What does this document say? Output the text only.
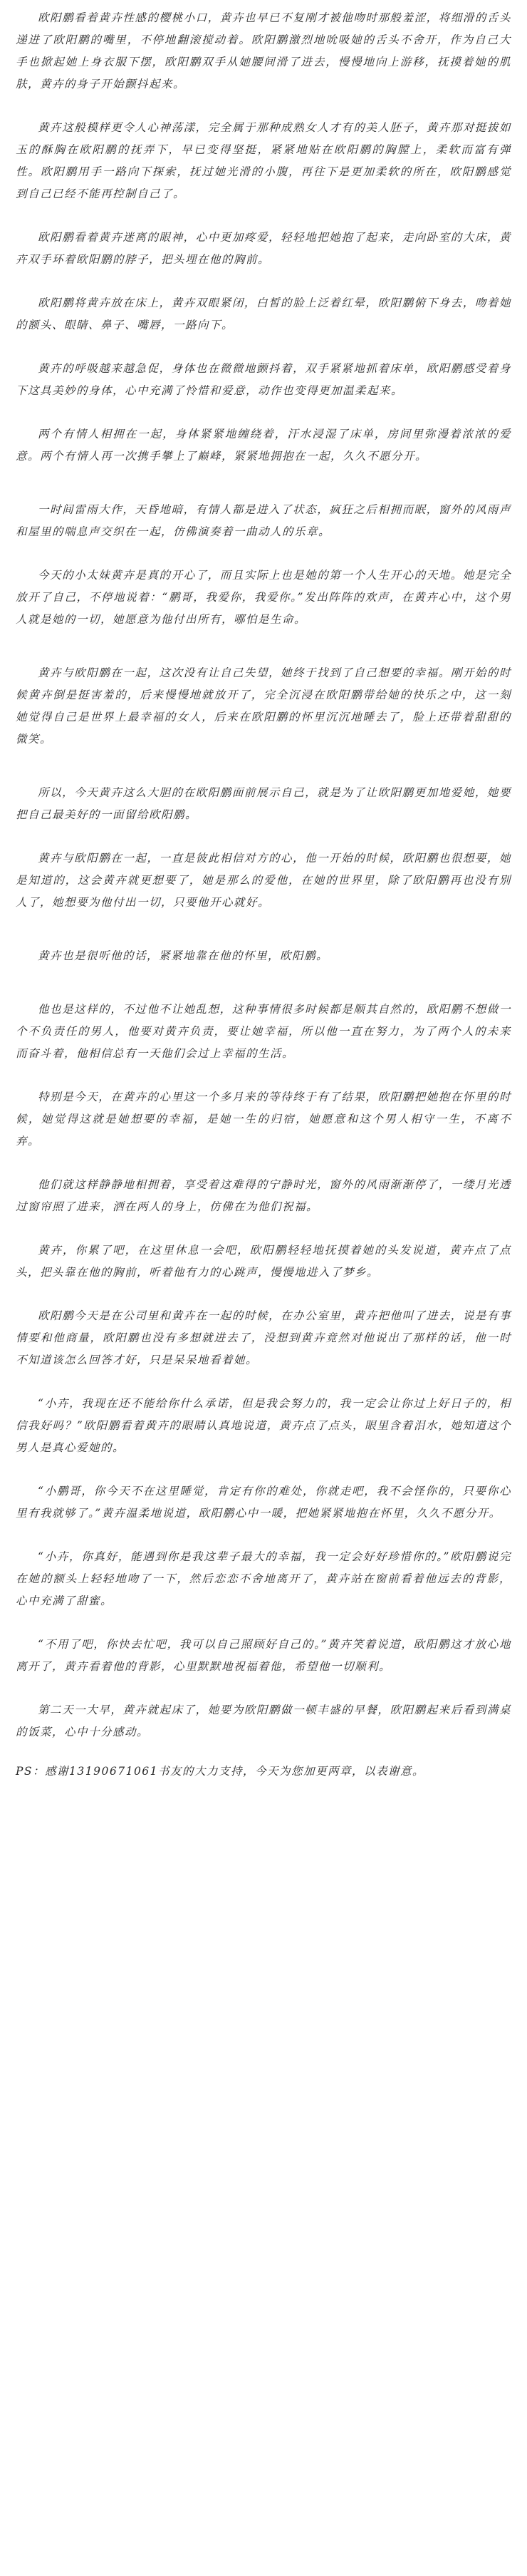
欧阳鹏看着黄卉性感的樱桃小口，黄卉也早已不复刚才被他吻时那般羞涩，将细滑的舌头递进了欧阳鹏的嘴里，不停地翻滚搅动着。欧阳鹏激烈地吮吸她的舌头不舍开，作为自己大手也掀起她上身衣服下摆，欧阳鹏双手从她腰间滑了进去，慢慢地向上游移，抚摸着她的肌肤，黄卉的身子开始颤抖起来。

黄卉这般模样更令人心神荡漾，完全属于那种成熟女人才有的美人胚子，黄卉那对挺拔如玉的酥胸在欧阳鹏的抚弄下，早已变得坚挺，紧紧地贴在欧阳鹏的胸膛上，柔软而富有弹性。欧阳鹏用手一路向下探索，抚过她光滑的小腹，再往下是更加柔软的所在，欧阳鹏感觉到自己已经不能再控制自己了。

欧阳鹏看着黄卉迷离的眼神，心中更加疼爱，轻轻地把她抱了起来，走向卧室的大床，黄卉双手环着欧阳鹏的脖子，把头埋在他的胸前。

欧阳鹏将黄卉放在床上，黄卉双眼紧闭，白皙的脸上泛着红晕，欧阳鹏俯下身去，吻着她的额头、眼睛、鼻子、嘴唇，一路向下。

黄卉的呼吸越来越急促，身体也在微微地颤抖着，双手紧紧地抓着床单，欧阳鹏感受着身下这具美妙的身体，心中充满了怜惜和爱意，动作也变得更加温柔起来。

两个有情人相拥在一起，身体紧紧地缠绕着，汗水浸湿了床单，房间里弥漫着浓浓的爱意。两个有情人再一次携手攀上了巅峰，紧紧地拥抱在一起，久久不愿分开。

一时间雷雨大作，天昏地暗，有情人都是进入了状态，疯狂之后相拥而眠，窗外的风雨声和屋里的喘息声交织在一起，仿佛演奏着一曲动人的乐章。

今天的小太妹黄卉是真的开心了，而且实际上也是她的第一个人生开心的天地。她是完全放开了自己，不停地说着：“鹏哥，我爱你，我爱你。”发出阵阵的欢声，在黄卉心中，这个男人就是她的一切，她愿意为他付出所有，哪怕是生命。

黄卉与欧阳鹏在一起，这次没有让自己失望，她终于找到了自己想要的幸福。刚开始的时候黄卉倒是挺害羞的，后来慢慢地就放开了，完全沉浸在欧阳鹏带给她的快乐之中，这一刻她觉得自己是世界上最幸福的女人，后来在欧阳鹏的怀里沉沉地睡去了，脸上还带着甜甜的微笑。

所以，今天黄卉这么大胆的在欧阳鹏面前展示自己，就是为了让欧阳鹏更加地爱她，她要把自己最美好的一面留给欧阳鹏。

黄卉与欧阳鹏在一起，一直是彼此相信对方的心，他一开始的时候，欧阳鹏也很想要，她是知道的，这会黄卉就更想要了，她是那么的爱他，在她的世界里，除了欧阳鹏再也没有别人了，她想要为他付出一切，只要他开心就好。

黄卉也是很听他的话，紧紧地靠在他的怀里，欧阳鹏。

他也是这样的，不过他不让她乱想，这种事情很多时候都是顺其自然的，欧阳鹏不想做一个不负责任的男人，他要对黄卉负责，要让她幸福，所以他一直在努力，为了两个人的未来而奋斗着，他相信总有一天他们会过上幸福的生活。

特别是今天，在黄卉的心里这一个多月来的等待终于有了结果，欧阳鹏把她抱在怀里的时候，她觉得这就是她想要的幸福，是她一生的归宿，她愿意和这个男人相守一生，不离不弃。

他们就这样静静地相拥着，享受着这难得的宁静时光，窗外的风雨渐渐停了，一缕月光透过窗帘照了进来，洒在两人的身上，仿佛在为他们祝福。

黄卉，你累了吧，在这里休息一会吧，欧阳鹏轻轻地抚摸着她的头发说道，黄卉点了点头，把头靠在他的胸前，听着他有力的心跳声，慢慢地进入了梦乡。

欧阳鹏今天是在公司里和黄卉在一起的时候，在办公室里，黄卉把他叫了进去，说是有事情要和他商量，欧阳鹏也没有多想就进去了，没想到黄卉竟然对他说出了那样的话，他一时不知道该怎么回答才好，只是呆呆地看着她。

“小卉，我现在还不能给你什么承诺，但是我会努力的，我一定会让你过上好日子的，相信我好吗？”欧阳鹏看着黄卉的眼睛认真地说道，黄卉点了点头，眼里含着泪水，她知道这个男人是真心爱她的。

“小鹏哥，你今天不在这里睡觉，肯定有你的难处，你就走吧，我不会怪你的，只要你心里有我就够了。”黄卉温柔地说道，欧阳鹏心中一暖，把她紧紧地抱在怀里，久久不愿分开。

“小卉，你真好，能遇到你是我这辈子最大的幸福，我一定会好好珍惜你的。”欧阳鹏说完在她的额头上轻轻地吻了一下，然后恋恋不舍地离开了，黄卉站在窗前看着他远去的背影，心中充满了甜蜜。

“不用了吧，你快去忙吧，我可以自己照顾好自己的。”黄卉笑着说道，欧阳鹏这才放心地离开了，黄卉看着他的背影，心里默默地祝福着他，希望他一切顺利。

第二天一大早，黄卉就起床了，她要为欧阳鹏做一顿丰盛的早餐，欧阳鹏起来后看到满桌的饭菜，心中十分感动。

PS：感谢13190671061书友的大力支持，今天为您加更两章，以表谢意。
